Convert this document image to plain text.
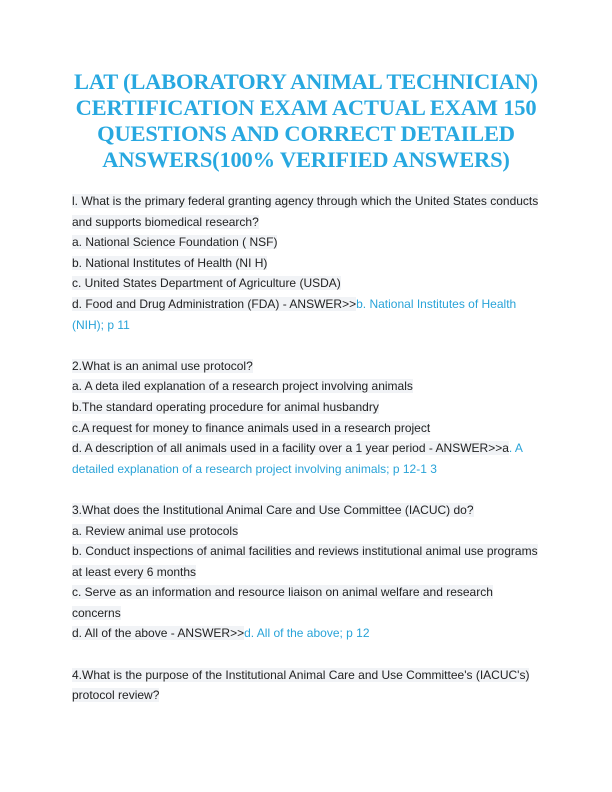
LAT (LABORATORY ANIMAL TECHNICIAN)
CERTIFICATION EXAM ACTUAL EXAM 150
QUESTIONS AND CORRECT DETAILED
ANSWERS(100% VERIFIED ANSWERS)
l. What is the primary federal granting agency through which the United States conducts
and supports biomedical research?
a. National Science Foundation ( NSF)
b. National Institutes of Health (NI H)
c. United States Department of Agriculture (USDA)
d. Food and Drug Administration (FDA) - ANSWER>>b. National Institutes of Health
(NIH); p 11
2.What is an animal use protocol?
a. A deta iled explanation of a research project involving animals
b.The standard operating procedure for animal husbandry
c.A request for money to finance animals used in a research project
d. A description of all animals used in a facility over a 1 year period - ANSWER>>a. A
detailed explanation of a research project involving animals; p 12-1 3
3.What does the Institutional Animal Care and Use Committee (IACUC) do?
a. Review animal use protocols
b. Conduct inspections of animal facilities and reviews institutional animal use programs
at least every 6 months
c. Serve as an information and resource liaison on animal welfare and research
concerns
d. All of the above - ANSWER>>d. All of the above; p 12
4.What is the purpose of the Institutional Animal Care and Use Committee's (IACUC's)
protocol review?
